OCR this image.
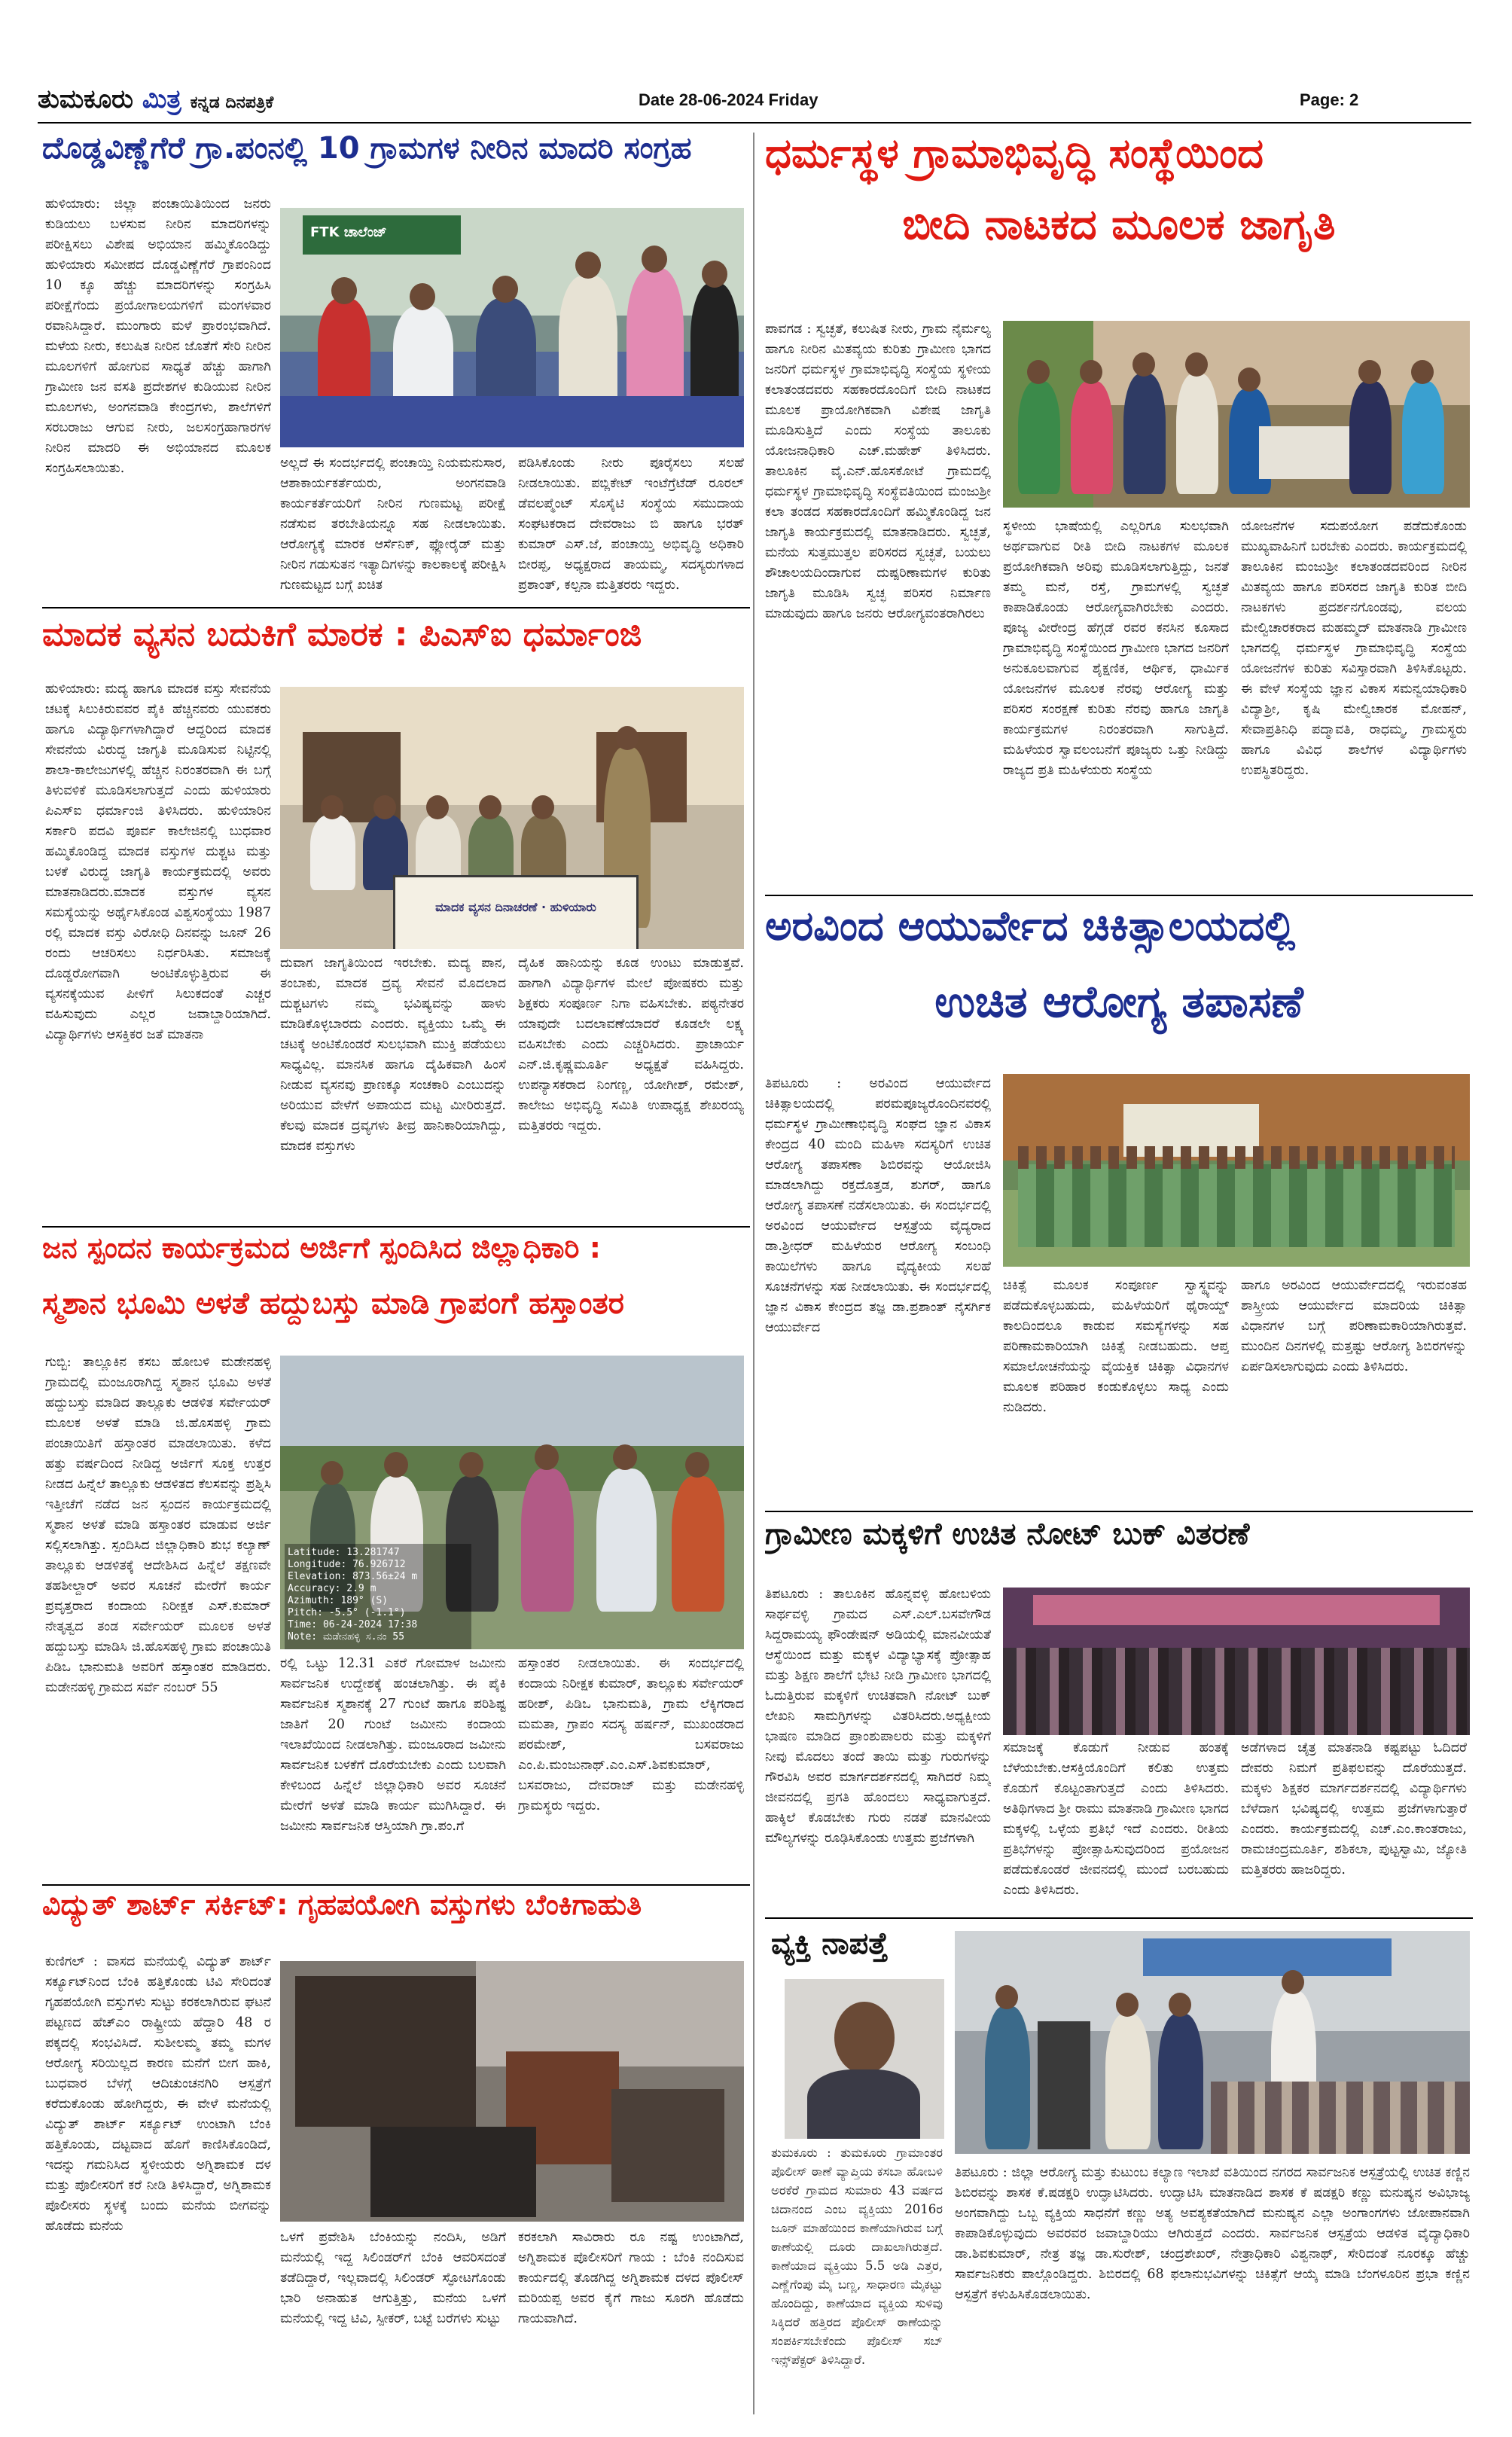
ತುಮಕೂರು ಮಿತ್ರ ಕನ್ನಡ ದಿನಪತ್ರಿಕೆ	Date 28-06-2024 Friday	Page: 2
ದೊಡ್ಡವಿಣ್ಣೆಗೆರೆ ಗ್ರಾ.ಪಂನಲ್ಲಿ 10 ಗ್ರಾಮಗಳ ನೀರಿನ ಮಾದರಿ ಸಂಗ್ರಹ
ಹುಳಿಯಾರು: ಜಿಲ್ಲಾ ಪಂಚಾಯಿತಿಯಿಂದ ಜನರು ಕುಡಿಯಲು ಬಳಸುವ ನೀರಿನ ಮಾದರಿಗಳನ್ನು ಪರೀಕ್ಷಿಸಲು ವಿಶೇಷ ಅಭಿಯಾನ ಹಮ್ಮಿಕೊಂಡಿದ್ದು ಹುಳಿಯಾರು ಸಮೀಪದ ದೊಡ್ಡವಿಣ್ಣೆಗೆರೆ ಗ್ರಾಪಂನಿಂದ 10 ಕ್ಕೂ ಹೆಚ್ಚು ಮಾದರಿಗಳನ್ನು ಸಂಗ್ರಹಿಸಿ ಪರೀಕ್ಷೆಗೆಂದು ಪ್ರಯೋಗಾಲಯಗಳಿಗೆ ಮಂಗಳವಾರ ರವಾನಿಸಿದ್ದಾರೆ. ಮುಂಗಾರು ಮಳೆ ಪ್ರಾರಂಭವಾಗಿದೆ. ಮಳೆಯ ನೀರು, ಕಲುಷಿತ ನೀರಿನ ಜೊತೆಗೆ ಸೇರಿ ನೀರಿನ ಮೂಲಗಳಿಗೆ ಹೋಗುವ ಸಾಧ್ಯತೆ ಹೆಚ್ಚು ಹಾಗಾಗಿ ಗ್ರಾಮೀಣ ಜನ ವಸತಿ ಪ್ರದೇಶಗಳ ಕುಡಿಯುವ ನೀರಿನ ಮೂಲಗಳು, ಅಂಗನವಾಡಿ ಕೇಂದ್ರಗಳು, ಶಾಲೆಗಳಿಗೆ ಸರಬರಾಜು ಆಗುವ ನೀರು, ಜಲಸಂಗ್ರಹಾಗಾರಗಳ ನೀರಿನ ಮಾದರಿ ಈ ಅಭಿಯಾನದ ಮೂಲಕ ಸಂಗ್ರಹಿಸಲಾಯಿತು.
FTK ಚಾಲೆಂಜ್
ಅಲ್ಲದೆ ಈ ಸಂದರ್ಭದಲ್ಲಿ ಪಂಚಾಯ್ತಿ ನಿಯಮನುಸಾರ, ಆಶಾಕಾರ್ಯಕರ್ತೆಯರು, ಅಂಗನವಾಡಿ ಕಾರ್ಯಕರ್ತೆಯರಿಗೆ ನೀರಿನ ಗುಣಮಟ್ಟ ಪರೀಕ್ಷೆ ನಡೆಸುವ ತರಬೇತಿಯನ್ನೂ ಸಹ ನೀಡಲಾಯಿತು. ಆರೋಗ್ಯಕ್ಕೆ ಮಾರಕ ಆರ್ಸೆನಿಕ್, ಫ್ಲೋರೈಡ್ ಮತ್ತು ನೀರಿನ ಗಡುಸುತನ ಇತ್ಯಾದಿಗಳನ್ನು ಕಾಲಕಾಲಕ್ಕೆ ಪರೀಕ್ಷಿಸಿ ಗುಣಮಟ್ಟದ ಬಗ್ಗೆ ಖಚಿತ
ಪಡಿಸಿಕೊಂಡು ನೀರು ಪೂರೈಸಲು ಸಲಹೆ ನೀಡಲಾಯಿತು. ಪಬ್ಲಿಕೇಟ್ ಇಂಟೆಗ್ರೆಟೆಡ್ ರೂರಲ್ ಡೆವಲಪ್ಮೆಂಟ್ ಸೊಸೈಟಿ ಸಂಸ್ಥೆಯ ಸಮುದಾಯ ಸಂಘಟಕರಾದ ದೇವರಾಜು ಬಿ ಹಾಗೂ ಭರತ್ ಕುಮಾರ್ ಎಸ್.ಜೆ, ಪಂಚಾಯ್ತಿ ಅಭಿವೃದ್ಧಿ ಅಧಿಕಾರಿ ಬೀರಪ್ಪ, ಅಧ್ಯಕ್ಷರಾದ ತಾಯಮ್ಮ, ಸದಸ್ಯರುಗಳಾದ ಪ್ರಶಾಂತ್, ಕಲ್ಪನಾ ಮತ್ತಿತರರು ಇದ್ದರು.
ಮಾದಕ ವ್ಯಸನ ಬದುಕಿಗೆ ಮಾರಕ : ಪಿಎಸ್‌ಐ ಧರ್ಮಾಂಜಿ
ಹುಳಿಯಾರು: ಮದ್ಯ ಹಾಗೂ ಮಾದಕ ವಸ್ತು ಸೇವನೆಯ ಚಟಕ್ಕೆ ಸಿಲುಕಿರುವವರ ಪೈಕಿ ಹೆಚ್ಚಿನವರು ಯುವಕರು ಹಾಗೂ ವಿದ್ಯಾರ್ಥಿಗಳಾಗಿದ್ದಾರೆ ಆದ್ದರಿಂದ ಮಾದಕ ಸೇವನೆಯ ವಿರುದ್ಧ ಜಾಗೃತಿ ಮೂಡಿಸುವ ನಿಟ್ಟಿನಲ್ಲಿ ಶಾಲಾ-ಕಾಲೇಜುಗಳಲ್ಲಿ ಹೆಚ್ಚಿನ ನಿರಂತರವಾಗಿ ಈ ಬಗ್ಗೆ ತಿಳುವಳಿಕೆ ಮೂಡಿಸಲಾಗುತ್ತದೆ ಎಂದು ಹುಳಿಯಾರು ಪಿಎಸ್‌ಐ ಧರ್ಮಾಂಜಿ ತಿಳಿಸಿದರು. ಹುಳಿಯಾರಿನ ಸರ್ಕಾರಿ ಪದವಿ ಪೂರ್ವ ಕಾಲೇಜಿನಲ್ಲಿ ಬುಧವಾರ ಹಮ್ಮಿಕೊಂಡಿದ್ದ ಮಾದಕ ವಸ್ತುಗಳ ದುಶ್ಚಟ ಮತ್ತು ಬಳಕೆ ವಿರುದ್ಧ ಜಾಗೃತಿ ಕಾರ್ಯಕ್ರಮದಲ್ಲಿ ಅವರು ಮಾತನಾಡಿದರು.ಮಾದಕ ವಸ್ತುಗಳ ವ್ಯಸನ ಸಮಸ್ಯೆಯನ್ನು ಅರ್ಥೈಸಿಕೊಂಡ ವಿಶ್ವಸಂಸ್ಥೆಯು 1987 ರಲ್ಲಿ ಮಾದಕ ವಸ್ತು ವಿರೋಧಿ ದಿನವನ್ನು ಜೂನ್ 26 ರಂದು ಆಚರಿಸಲು ನಿರ್ಧರಿಸಿತು. ಸಮಾಜಕ್ಕೆ ದೊಡ್ಡರೋಗವಾಗಿ ಅಂಟಿಕೊಳ್ಳುತ್ತಿರುವ ಈ ವ್ಯಸನಕ್ಕೆಯುವ ಪೀಳಿಗೆ ಸಿಲುಕದಂತೆ ಎಚ್ಚರ ವಹಿಸುವುದು ಎಲ್ಲರ ಜವಾಬ್ದಾರಿಯಾಗಿದೆ. ವಿದ್ಯಾರ್ಥಿಗಳು ಆಸಕ್ತಿಕರ ಜತೆ ಮಾತನಾ
ಮಾದಕ ವ್ಯಸನ ದಿನಾಚರಣೆ · ಹುಳಿಯಾರು
ದುವಾಗ ಜಾಗೃತಿಯಿಂದ ಇರಬೇಕು. ಮದ್ಯ ಪಾನ, ತಂಬಾಕು, ಮಾದಕ ದ್ರವ್ಯ ಸೇವನೆ ಮೊದಲಾದ ದುಶ್ಚಟಗಳು ನಮ್ಮ ಭವಿಷ್ಯವನ್ನು ಹಾಳು ಮಾಡಿಕೊಳ್ಳಬಾರದು ಎಂದರು. ವ್ಯಕ್ತಿಯು ಒಮ್ಮೆ ಈ ಚಟಕ್ಕೆ ಅಂಟಿಕೊಂಡರೆ ಸುಲಭವಾಗಿ ಮುಕ್ತಿ ಪಡೆಯಲು ಸಾಧ್ಯವಿಲ್ಲ. ಮಾನಸಿಕ ಹಾಗೂ ದೈಹಿಕವಾಗಿ ಹಿಂಸೆ ನೀಡುವ ವ್ಯಸನವು ಪ್ರಾಣಕ್ಕೂ ಸಂಚಕಾರಿ ಎಂಬುದನ್ನು ಅರಿಯುವ ವೇಳೆಗೆ ಅಪಾಯದ ಮಟ್ಟ ಮೀರಿರುತ್ತದೆ. ಕೆಲವು ಮಾದಕ ದ್ರವ್ಯಗಳು ತೀವ್ರ ಹಾನಿಕಾರಿಯಾಗಿದ್ದು, ಮಾದಕ ವಸ್ತುಗಳು
ದೈಹಿಕ ಹಾನಿಯನ್ನು ಕೂಡ ಉಂಟು ಮಾಡುತ್ತವೆ. ಹಾಗಾಗಿ ವಿದ್ಯಾರ್ಥಿಗಳ ಮೇಲೆ ಪೋಷಕರು ಮತ್ತು ಶಿಕ್ಷಕರು ಸಂಪೂರ್ಣ ನಿಗಾ ವಹಿಸಬೇಕು. ಪಠ್ಯನೇತರ ಯಾವುದೇ ಬದಲಾವಣೆಯಾದರೆ ಕೂಡಲೇ ಲಕ್ಷ್ಯ ವಹಿಸಬೇಕು ಎಂದು ಎಚ್ಚರಿಸಿದರು. ಪ್ರಾಚಾರ್ಯ ಎನ್.ಜಿ.ಕೃಷ್ಣಮೂರ್ತಿ ಅಧ್ಯಕ್ಷತೆ ವಹಿಸಿದ್ದರು. ಉಪನ್ಯಾಸಕರಾದ ನಿಂಗಣ್ಣ, ಯೋಗೀಶ್, ರಮೇಶ್, ಕಾಲೇಜು ಅಭಿವೃದ್ಧಿ ಸಮಿತಿ ಉಪಾಧ್ಯಕ್ಷ ಶೇಖರಯ್ಯ ಮತ್ತಿತರರು ಇದ್ದರು.
ಜನ ಸ್ಪಂದನ ಕಾರ್ಯಕ್ರಮದ ಅರ್ಜಿಗೆ ಸ್ಪಂದಿಸಿದ ಜಿಲ್ಲಾಧಿಕಾರಿ :
ಸ್ಮಶಾನ ಭೂಮಿ ಅಳತೆ ಹದ್ದುಬಸ್ತು ಮಾಡಿ ಗ್ರಾಪಂಗೆ ಹಸ್ತಾಂತರ
ಗುಬ್ಬಿ: ತಾಲ್ಲೂಕಿನ ಕಸಬ ಹೋಬಳಿ ಮಡೇನಹಳ್ಳಿ ಗ್ರಾಮದಲ್ಲಿ ಮಂಜೂರಾಗಿದ್ದ ಸ್ಮಶಾನ ಭೂಮಿ ಅಳತೆ ಹದ್ದುಬಸ್ತು ಮಾಡಿದ ತಾಲ್ಲೂಕು ಆಡಳಿತ ಸರ್ವೇಯರ್ ಮೂಲಕ ಅಳತೆ ಮಾಡಿ ಜಿ.ಹೊಸಹಳ್ಳಿ ಗ್ರಾಮ ಪಂಚಾಯಿತಿಗೆ ಹಸ್ತಾಂತರ ಮಾಡಲಾಯಿತು. ಕಳೆದ ಹತ್ತು ವರ್ಷದಿಂದ ನೀಡಿದ್ದ ಅರ್ಜಿಗೆ ಸೂಕ್ತ ಉತ್ತರ ನೀಡದ ಹಿನ್ನೆಲೆ ತಾಲ್ಲೂಕು ಆಡಳಿತದ ಕೆಲಸವನ್ನು ಪ್ರಶ್ನಿಸಿ ಇತ್ತೀಚೆಗೆ ನಡೆದ ಜನ ಸ್ಪಂದನ ಕಾರ್ಯಕ್ರಮದಲ್ಲಿ ಸ್ಮಶಾನ ಅಳತೆ ಮಾಡಿ ಹಸ್ತಾಂತರ ಮಾಡುವ ಅರ್ಜಿ ಸಲ್ಲಿಸಲಾಗಿತ್ತು. ಸ್ಪಂದಿಸಿದ ಜಿಲ್ಲಾಧಿಕಾರಿ ಶುಭ ಕಲ್ಯಾಣ್ ತಾಲ್ಲೂಕು ಆಡಳಿತಕ್ಕೆ ಆದೇಶಿಸಿದ ಹಿನ್ನೆಲೆ ತಕ್ಷಣವೇ ತಹಶೀಲ್ದಾರ್ ಅವರ ಸೂಚನೆ ಮೇರೆಗೆ ಕಾರ್ಯ ಪ್ರವೃತ್ತರಾದ ಕಂದಾಯ ನಿರೀಕ್ಷಕ ಎಸ್.ಕುಮಾರ್ ನೇತೃತ್ವದ ತಂಡ ಸರ್ವೇಯರ್ ಮೂಲಕ ಅಳತೆ ಹದ್ದುಬಸ್ತು ಮಾಡಿಸಿ ಜಿ.ಹೊಸಹಳ್ಳಿ ಗ್ರಾಮ ಪಂಚಾಯಿತಿ ಪಿಡಿಒ ಭಾನುಮತಿ ಅವರಿಗೆ ಹಸ್ತಾಂತರ ಮಾಡಿದರು. ಮಡೇನಹಳ್ಳಿ ಗ್ರಾಮದ ಸರ್ವೆ ನಂಬರ್ 55
Latitude: 13.281747
Longitude: 76.926712
Elevation: 873.56±24 m
Accuracy: 2.9 m
Azimuth: 189° (S)
Pitch: -5.5° (-1.1°)
Time: 06-24-2024 17:38
Note: ಮಡೇನಹಳ್ಳಿ ಸ.ನಂ 55
ರಲ್ಲಿ ಒಟ್ಟು 12.31 ಎಕರೆ ಗೋಮಾಳ ಜಮೀನು ಸಾರ್ವಜನಿಕ ಉದ್ದೇಶಕ್ಕೆ ಹಂಚಲಾಗಿತ್ತು. ಈ ಪೈಕಿ ಸಾರ್ವಜನಿಕ ಸ್ಮಶಾನಕ್ಕೆ 27 ಗುಂಟೆ ಹಾಗೂ ಪರಿಶಿಷ್ಟ ಜಾತಿಗೆ 20 ಗುಂಟೆ ಜಮೀನು ಕಂದಾಯ ಇಲಾಖೆಯಿಂದ ನೀಡಲಾಗಿತ್ತು. ಮಂಜೂರಾದ ಜಮೀನು ಸಾರ್ವಜನಿಕ ಬಳಕೆಗೆ ದೊರೆಯಬೇಕು ಎಂದು ಬಲವಾಗಿ ಕೇಳಿಬಂದ ಹಿನ್ನೆಲೆ ಜಿಲ್ಲಾಧಿಕಾರಿ ಅವರ ಸೂಚನೆ ಮೇರೆಗೆ ಅಳತೆ ಮಾಡಿ ಕಾರ್ಯ ಮುಗಿಸಿದ್ದಾರೆ. ಈ ಜಮೀನು ಸಾರ್ವಜನಿಕ ಆಸ್ತಿಯಾಗಿ ಗ್ರಾ.ಪಂ.ಗೆ
ಹಸ್ತಾಂತರ ನೀಡಲಾಯಿತು. ಈ ಸಂದರ್ಭದಲ್ಲಿ ಕಂದಾಯ ನಿರೀಕ್ಷಕ ಕುಮಾರ್, ತಾಲ್ಲೂಕು ಸರ್ವೇಯರ್ ಹರೀಶ್, ಪಿಡಿಒ ಭಾನುಮತಿ, ಗ್ರಾಮ ಲೆಕ್ಕಿಗರಾದ ಮಮತಾ, ಗ್ರಾಪಂ ಸದಸ್ಯ ಹರ್ಷನ್, ಮುಖಂಡರಾದ ಪರಮೇಶ್, ಬಸವರಾಜು ಎಂ.ಪಿ.ಮಂಜುನಾಥ್.ಎಂ.ಎಸ್.ಶಿವಕುಮಾರ್, ಬಸವರಾಜು, ದೇವರಾಜ್ ಮತ್ತು ಮಡೇನಹಳ್ಳಿ ಗ್ರಾಮಸ್ಥರು ಇದ್ದರು.
ವಿದ್ಯುತ್ ಶಾರ್ಟ್ ಸರ್ಕಿಟ್: ಗೃಹಪಯೋಗಿ ವಸ್ತುಗಳು ಬೆಂಕಿಗಾಹುತಿ
ಕುಣಿಗಲ್ : ವಾಸದ ಮನೆಯಲ್ಲಿ ವಿದ್ಯುತ್ ಶಾರ್ಟ್ ಸರ್ಕ್ಯೂಟ್‌ನಿಂದ ಬೆಂಕಿ ಹತ್ತಿಕೊಂಡು ಟಿವಿ ಸೇರಿದಂತೆ ಗೃಹಪಯೋಗಿ ವಸ್ತುಗಳು ಸುಟ್ಟು ಕರಕಲಾಗಿರುವ ಘಟನೆ ಪಟ್ಟಣದ ಹೆಚ್‌ಎಂ ರಾಷ್ಟ್ರೀಯ ಹೆದ್ದಾರಿ 48 ರ ಪಕ್ಕದಲ್ಲಿ ಸಂಭವಿಸಿದೆ. ಸುಶೀಲಮ್ಮ ತಮ್ಮ ಮಗಳ ಆರೋಗ್ಯ ಸರಿಯಿಲ್ಲದ ಕಾರಣ ಮನೆಗೆ ಬೀಗ ಹಾಕಿ, ಬುಧವಾರ ಬೆಳಗ್ಗೆ ಆದಿಚುಂಚನಗಿರಿ ಆಸ್ಪತ್ರೆಗೆ ಕರೆದುಕೊಂಡು ಹೋಗಿದ್ದರು, ಈ ವೇಳೆ ಮನೆಯಲ್ಲಿ ವಿದ್ಯುತ್ ಶಾರ್ಟ್ ಸರ್ಕ್ಯೂಟ್ ಉಂಟಾಗಿ ಬೆಂಕಿ ಹತ್ತಿಕೊಂಡು, ದಟ್ಟವಾದ ಹೊಗೆ ಕಾಣಿಸಿಕೊಂಡಿದೆ, ಇದನ್ನು ಗಮನಿಸಿದ ಸ್ಥಳೀಯರು ಅಗ್ನಿಶಾಮಕ ದಳ ಮತ್ತು ಪೊಲೀಸರಿಗೆ ಕರೆ ನೀಡಿ ತಿಳಿಸಿದ್ದಾರೆ, ಅಗ್ನಿಶಾಮಕ ಪೊಲೀಸರು ಸ್ಥಳಕ್ಕೆ ಬಂದು ಮನೆಯ ಬೀಗವನ್ನು ಹೊಡೆದು ಮನೆಯ
ಒಳಗೆ ಪ್ರವೇಶಿಸಿ ಬೆಂಕಿಯನ್ನು ನಂದಿಸಿ, ಅಡಿಗೆ ಮನೆಯಲ್ಲಿ ಇದ್ದ ಸಿಲಿಂಡರ್‌ಗೆ ಬೆಂಕಿ ಆವರಿಸದಂತೆ ತಡೆದಿದ್ದಾರೆ, ಇಲ್ಲವಾದಲ್ಲಿ ಸಿಲಿಂಡರ್ ಸ್ಫೋಟಗೊಂಡು ಭಾರಿ ಅನಾಹುತ ಆಗುತ್ತಿತ್ತು, ಮನೆಯ ಒಳಗೆ ಮನೆಯಲ್ಲಿ ಇದ್ದ ಟಿವಿ, ಸ್ಪೀಕರ್, ಬಟ್ಟೆ ಬರೆಗಳು ಸುಟ್ಟು
ಕರಕಲಾಗಿ ಸಾವಿರಾರು ರೂ ನಷ್ಟ ಉಂಟಾಗಿದೆ, ಅಗ್ನಿಶಾಮಕ ಪೊಲೀಸರಿಗೆ ಗಾಯ : ಬೆಂಕಿ ನಂದಿಸುವ ಕಾರ್ಯದಲ್ಲಿ ತೊಡಗಿದ್ದ ಅಗ್ನಿಶಾಮಕ ದಳದ ಪೊಲೀಸ್ ಮರಿಯಪ್ಪ ಅವರ ಕೈಗೆ ಗಾಜು ಸೂರಗಿ ಹೊಡೆದು ಗಾಯವಾಗಿದೆ.
ಧರ್ಮಸ್ಥಳ ಗ್ರಾಮಾಭಿವೃದ್ಧಿ ಸಂಸ್ಥೆಯಿಂದ
ಬೀದಿ ನಾಟಕದ ಮೂಲಕ ಜಾಗೃತಿ
ಪಾವಗಡ : ಸ್ವಚ್ಛತೆ, ಕಲುಷಿತ ನೀರು, ಗ್ರಾಮ ನೈರ್ಮಲ್ಯ ಹಾಗೂ ನೀರಿನ ಮಿತವ್ಯಯ ಕುರಿತು ಗ್ರಾಮೀಣ ಭಾಗದ ಜನರಿಗೆ ಧರ್ಮಸ್ಥಳ ಗ್ರಾಮಾಭಿವೃದ್ಧಿ ಸಂಸ್ಥೆಯ ಸ್ಥಳೀಯ ಕಲಾತಂಡದವರು ಸಹಕಾರದೊಂದಿಗೆ ಬೀದಿ ನಾಟಕದ ಮೂಲಕ ಪ್ರಾಯೋಗಿಕವಾಗಿ ವಿಶೇಷ ಜಾಗೃತಿ ಮೂಡಿಸುತ್ತಿದೆ ಎಂದು ಸಂಸ್ಥೆಯ ತಾಲೂಕು ಯೋಜನಾಧಿಕಾರಿ ಎಚ್.ಮಹೇಶ್ ತಿಳಿಸಿದರು. ತಾಲೂಕಿನ ವೈ.ಎನ್.ಹೊಸಕೋಟೆ ಗ್ರಾಮದಲ್ಲಿ ಧರ್ಮಸ್ಥಳ ಗ್ರಾಮಾಭಿವೃದ್ಧಿ ಸಂಸ್ಥೆವತಿಯಿಂದ ಮಂಜುಶ್ರೀ ಕಲಾ ತಂಡದ ಸಹಕಾರದೊಂದಿಗೆ ಹಮ್ಮಿಕೊಂಡಿದ್ದ ಜನ ಜಾಗೃತಿ ಕಾರ್ಯಕ್ರಮದಲ್ಲಿ ಮಾತನಾಡಿದರು. ಸ್ವಚ್ಛತೆ, ಮನೆಯ ಸುತ್ತಮುತ್ತಲ ಪರಿಸರದ ಸ್ವಚ್ಛತೆ, ಬಯಲು ಶೌಚಾಲಯದಿಂದಾಗುವ ದುಷ್ಪರಿಣಾಮಗಳ ಕುರಿತು ಜಾಗೃತಿ ಮೂಡಿಸಿ ಸ್ವಚ್ಛ ಪರಿಸರ ನಿರ್ಮಾಣ ಮಾಡುವುದು ಹಾಗೂ ಜನರು ಆರೋಗ್ಯವಂತರಾಗಿರಲು
ಸ್ಥಳೀಯ ಭಾಷೆಯಲ್ಲಿ ಎಲ್ಲರಿಗೂ ಸುಲಭವಾಗಿ ಅರ್ಥವಾಗುವ ರೀತಿ ಬೀದಿ ನಾಟಕಗಳ ಮೂಲಕ ಪ್ರಯೋಗಿಕವಾಗಿ ಅರಿವು ಮೂಡಿಸಲಾಗುತ್ತಿದ್ದು, ಜನತೆ ತಮ್ಮ ಮನೆ, ರಸ್ತೆ, ಗ್ರಾಮಗಳಲ್ಲಿ ಸ್ವಚ್ಛತೆ ಕಾಪಾಡಿಕೊಂಡು ಆರೋಗ್ಯವಾಗಿರಬೇಕು ಎಂದರು. ಪೂಜ್ಯ ವೀರೇಂದ್ರ ಹೆಗ್ಗಡೆ ರವರ ಕನಸಿನ ಕೂಸಾದ ಗ್ರಾಮಾಭಿವೃದ್ಧಿ ಸಂಸ್ಥೆಯಿಂದ ಗ್ರಾಮೀಣ ಭಾಗದ ಜನರಿಗೆ ಅನುಕೂಲವಾಗುವ ಶೈಕ್ಷಣಿಕ, ಆರ್ಥಿಕ, ಧಾರ್ಮಿಕ ಯೋಜನೆಗಳ ಮೂಲಕ ನೆರವು ಆರೋಗ್ಯ ಮತ್ತು ಪರಿಸರ ಸಂರಕ್ಷಣೆ ಕುರಿತು ನೆರವು ಹಾಗೂ ಜಾಗೃತಿ ಕಾರ್ಯಕ್ರಮಗಳ ನಿರಂತರವಾಗಿ ಸಾಗುತ್ತಿದೆ. ಮಹಿಳೆಯರ ಸ್ವಾವಲಂಬನೆಗೆ ಪೂಜ್ಯರು ಒತ್ತು ನೀಡಿದ್ದು ರಾಜ್ಯದ ಪ್ರತಿ ಮಹಿಳೆಯರು ಸಂಸ್ಥೆಯ
ಯೋಜನೆಗಳ ಸದುಪಯೋಗ ಪಡೆದುಕೊಂಡು ಮುಖ್ಯವಾಹಿನಿಗೆ ಬರಬೇಕು ಎಂದರು. ಕಾರ್ಯಕ್ರಮದಲ್ಲಿ ತಾಲೂಕಿನ ಮಂಜುಶ್ರೀ ಕಲಾತಂಡದವರಿಂದ ನೀರಿನ ಮಿತವ್ಯಯ ಹಾಗೂ ಪರಿಸರದ ಜಾಗೃತಿ ಕುರಿತ ಬೀದಿ ನಾಟಕಗಳು ಪ್ರದರ್ಶನಗೊಂಡವು, ವಲಯ ಮೇಲ್ವಿಚಾರಕರಾದ ಮಹಮ್ಮದ್ ಮಾತನಾಡಿ ಗ್ರಾಮೀಣ ಭಾಗದಲ್ಲಿ ಧರ್ಮಸ್ಥಳ ಗ್ರಾಮಾಭಿವೃದ್ಧಿ ಸಂಸ್ಥೆಯ ಯೋಜನೆಗಳ ಕುರಿತು ಸವಿಸ್ತಾರವಾಗಿ ತಿಳಿಸಿಕೊಟ್ಟರು. ಈ ವೇಳೆ ಸಂಸ್ಥೆಯ ಜ್ಞಾನ ವಿಕಾಸ ಸಮನ್ವಯಾಧಿಕಾರಿ ವಿದ್ಯಾಶ್ರೀ, ಕೃಷಿ ಮೇಲ್ವಿಚಾರಕ ಮೋಹನ್, ಸೇವಾಪ್ರತಿನಿಧಿ ಪದ್ಮಾವತಿ, ರಾಧಮ್ಮ, ಗ್ರಾಮಸ್ಥರು ಹಾಗೂ ವಿವಿಧ ಶಾಲೆಗಳ ವಿದ್ಯಾರ್ಥಿಗಳು ಉಪಸ್ಥಿತರಿದ್ದರು.
ಅರವಿಂದ ಆಯುರ್ವೇದ ಚಿಕಿತ್ಸಾಲಯದಲ್ಲಿ
ಉಚಿತ ಆರೋಗ್ಯ ತಪಾಸಣೆ
ತಿಪಟೂರು : ಅರವಿಂದ ಆಯುರ್ವೇದ ಚಿಕಿತ್ಸಾಲಯದಲ್ಲಿ ಪರಮಪೂಜ್ಯರೊಂದಿನವರಲ್ಲಿ ಧರ್ಮಸ್ಥಳ ಗ್ರಾಮೀಣಾಭಿವೃದ್ಧಿ ಸಂಘದ ಜ್ಞಾನ ವಿಕಾಸ ಕೇಂದ್ರದ 40 ಮಂದಿ ಮಹಿಳಾ ಸದಸ್ಯರಿಗೆ ಉಚಿತ ಆರೋಗ್ಯ ತಪಾಸಣಾ ಶಿಬಿರವನ್ನು ಆಯೋಜಿಸಿ ಮಾಡಲಾಗಿದ್ದು ರಕ್ತದೊತ್ತಡ, ಶುಗರ್, ಹಾಗೂ ಆರೋಗ್ಯ ತಪಾಸಣೆ ನಡೆಸಲಾಯಿತು. ಈ ಸಂದರ್ಭದಲ್ಲಿ ಅರವಿಂದ ಆಯುರ್ವೇದ ಆಸ್ಪತ್ರೆಯ ವೈದ್ಯರಾದ ಡಾ.ಶ್ರೀಧರ್ ಮಹಿಳೆಯರ ಆರೋಗ್ಯ ಸಂಬಂಧಿ ಕಾಯಿಲೆಗಳು ಹಾಗೂ ವೈದ್ಯಕೀಯ ಸಲಹೆ ಸೂಚನೆಗಳನ್ನು ಸಹ ನೀಡಲಾಯಿತು. ಈ ಸಂದರ್ಭದಲ್ಲಿ ಜ್ಞಾನ ವಿಕಾಸ ಕೇಂದ್ರದ ತಜ್ಞ ಡಾ.ಪ್ರಶಾಂತ್ ನೈಸರ್ಗಿಕ ಆಯುರ್ವೇದ
ಚಿಕಿತ್ಸೆ ಮೂಲಕ ಸಂಪೂರ್ಣ ಸ್ವಾಸ್ಥ್ಯವನ್ನು ಪಡೆದುಕೊಳ್ಳಬಹುದು, ಮಹಿಳೆಯರಿಗೆ ಥೈರಾಯ್ಡ್ ಕಾಲದಿಂದಲೂ ಕಾಡುವ ಸಮಸ್ಯೆಗಳನ್ನು ಸಹ ಪರಿಣಾಮಕಾರಿಯಾಗಿ ಚಿಕಿತ್ಸೆ ನೀಡಬಹುದು. ಆಪ್ತ ಸಮಾಲೋಚನೆಯನ್ನು ವೈಯಕ್ತಿಕ ಚಿಕಿತ್ಸಾ ವಿಧಾನಗಳ ಮೂಲಕ ಪರಿಹಾರ ಕಂಡುಕೊಳ್ಳಲು ಸಾಧ್ಯ ಎಂದು ನುಡಿದರು.
ಹಾಗೂ ಅರವಿಂದ ಆಯುರ್ವೇದದಲ್ಲಿ ಇರುವಂತಹ ಶಾಸ್ತ್ರೀಯ ಆಯುರ್ವೇದ ಮಾದರಿಯ ಚಿಕಿತ್ಸಾ ವಿಧಾನಗಳ ಬಗ್ಗೆ ಪರಿಣಾಮಕಾರಿಯಾಗಿರುತ್ತವೆ. ಮುಂದಿನ ದಿನಗಳಲ್ಲಿ ಮತ್ತಷ್ಟು ಆರೋಗ್ಯ ಶಿಬಿರಗಳನ್ನು ಏರ್ಪಡಿಸಲಾಗುವುದು ಎಂದು ತಿಳಿಸಿದರು.
ಗ್ರಾಮೀಣ ಮಕ್ಕಳಿಗೆ ಉಚಿತ ನೋಟ್ ಬುಕ್ ವಿತರಣೆ
ತಿಪಟೂರು : ತಾಲೂಕಿನ ಹೊನ್ನವಳ್ಳಿ ಹೋಬಳಿಯ ಸಾರ್ಥವಳ್ಳಿ ಗ್ರಾಮದ ಎಸ್.ಎಲ್.ಬಸವೇಗೌಡ ಸಿದ್ದರಾಮಯ್ಯ ಫೌಂಡೇಷನ್ ಅಡಿಯಲ್ಲಿ ಮಾನವೀಯತೆ ಆಸ್ಥೆಯಿಂದ ಮತ್ತು ಮಕ್ಕಳ ವಿದ್ಯಾಭ್ಯಾಸಕ್ಕೆ ಪ್ರೋತ್ಸಾಹ ಮತ್ತು ಶಿಕ್ಷಣ ಶಾಲೆಗೆ ಭೇಟಿ ನೀಡಿ ಗ್ರಾಮೀಣ ಭಾಗದಲ್ಲಿ ಓದುತ್ತಿರುವ ಮಕ್ಕಳಿಗೆ ಉಚಿತವಾಗಿ ನೋಟ್ ಬುಕ್ ಲೇಖನಿ ಸಾಮಗ್ರಿಗಳನ್ನು ವಿತರಿಸಿದರು.ಅಧ್ಯಕ್ಷೀಯ ಭಾಷಣ ಮಾಡಿದ ಪ್ರಾಂಶುಪಾಲರು ಮತ್ತು ಮಕ್ಕಳಿಗೆ ನೀವು ಮೊದಲು ತಂದೆ ತಾಯಿ ಮತ್ತು ಗುರುಗಳನ್ನು ಗೌರವಿಸಿ ಅವರ ಮಾರ್ಗದರ್ಶನದಲ್ಲಿ ಸಾಗಿದರೆ ನಿಮ್ಮ ಜೀವನದಲ್ಲಿ ಪ್ರಗತಿ ಹೊಂದಲು ಸಾಧ್ಯವಾಗುತ್ತದೆ. ಹಾಕ್ಕಿಲೆ ಕೊಡಬೇಕು ಗುರು ನಡತೆ ಮಾನವೀಯ ಮೌಲ್ಯಗಳನ್ನು ರೂಢಿಸಿಕೊಂಡು ಉತ್ತಮ ಪ್ರಜೆಗಳಾಗಿ
ಸಮಾಜಕ್ಕೆ ಕೊಡುಗೆ ನೀಡುವ ಹಂತಕ್ಕೆ ಬೆಳೆಯಬೇಕು.ಆಸಕ್ತಿಯೊಂದಿಗೆ ಕಲಿತು ಉತ್ತಮ ಕೊಡುಗೆ ಕೊಟ್ಟಂತಾಗುತ್ತದೆ ಎಂದು ತಿಳಿಸಿದರು. ಅತಿಥಿಗಳಾದ ಶ್ರೀ ರಾಮು ಮಾತನಾಡಿ ಗ್ರಾಮೀಣ ಭಾಗದ ಮಕ್ಕಳಲ್ಲಿ ಒಳ್ಳೆಯ ಪ್ರತಿಭೆ ಇದೆ ಎಂದರು. ರೀತಿಯ ಪ್ರತಿಭೆಗಳನ್ನು ಪ್ರೋತ್ಸಾಹಿಸುವುದರಿಂದ ಪ್ರಯೋಜನ ಪಡೆದುಕೊಂಡರೆ ಜೀವನದಲ್ಲಿ ಮುಂದೆ ಬರಬಹುದು ಎಂದು ತಿಳಿಸಿದರು.
ಅಡೆಗಳಾದ ಚೈತ್ರ ಮಾತನಾಡಿ ಕಷ್ಟಪಟ್ಟು ಓದಿದರೆ ದೇವರು ನಿಮಗೆ ಪ್ರತಿಫಲವನ್ನು ದೊರೆಯುತ್ತದೆ. ಮಕ್ಕಳು ಶಿಕ್ಷಕರ ಮಾರ್ಗದರ್ಶನದಲ್ಲಿ ವಿದ್ಯಾರ್ಥಿಗಳು ಬೆಳೆದಾಗ ಭವಿಷ್ಯದಲ್ಲಿ ಉತ್ತಮ ಪ್ರಜೆಗಳಾಗುತ್ತಾರೆ ಎಂದರು. ಕಾರ್ಯಕ್ರಮದಲ್ಲಿ ಎಚ್.ಎಂ.ಕಾಂತರಾಜು, ರಾಮಚಂದ್ರಮೂರ್ತಿ, ಶಶಿಕಲಾ, ಪುಟ್ಟಸ್ವಾಮಿ, ಜ್ಯೋತಿ ಮತ್ತಿತರರು ಹಾಜರಿದ್ದರು.
ವ್ಯಕ್ತಿ ನಾಪತ್ತೆ
ತುಮಕೂರು : ತುಮಕೂರು ಗ್ರಾಮಾಂತರ ಪೊಲೀಸ್ ಠಾಣೆ ವ್ಯಾಪ್ತಿಯ ಕಸಬಾ ಹೋಬಳಿ ಅರಕೆರೆ ಗ್ರಾಮದ ಸುಮಾರು 43 ವರ್ಷದ ಚಿದಾನಂದ ಎಂಬ ವ್ಯಕ್ತಿಯು 2016ರ ಜೂನ್ ಮಾಹೆಯಿಂದ ಕಾಣೆಯಾಗಿರುವ ಬಗ್ಗೆ ಠಾಣೆಯಲ್ಲಿ ದೂರು ದಾಖಲಾಗಿರುತ್ತದೆ. ಕಾಣೆಯಾದ ವ್ಯಕ್ತಿಯು 5.5 ಅಡಿ ಎತ್ತರ, ಎಣ್ಣೆಗೆಂಪು ಮೈ ಬಣ್ಣ, ಸಾಧಾರಣ ಮೈಕಟ್ಟು ಹೊಂದಿದ್ದು, ಕಾಣೆಯಾದ ವ್ಯಕ್ತಿಯ ಸುಳಿವು ಸಿಕ್ಕಿದರೆ ಹತ್ತಿರದ ಪೊಲೀಸ್ ಠಾಣೆಯನ್ನು ಸಂಪರ್ಕಿಸಬೇಕೆಂದು ಪೊಲೀಸ್ ಸಬ್ ಇನ್ಸ್‌ಪೆಕ್ಟರ್ ತಿಳಿಸಿದ್ದಾರೆ.
ತಿಪಟೂರು : ಜಿಲ್ಲಾ ಆರೋಗ್ಯ ಮತ್ತು ಕುಟುಂಬ ಕಲ್ಯಾಣ ಇಲಾಖೆ ವತಿಯಿಂದ ನಗರದ ಸಾರ್ವಜನಿಕ ಆಸ್ಪತ್ರೆಯಲ್ಲಿ ಉಚಿತ ಕಣ್ಣಿನ ಶಿಬಿರವನ್ನು ಶಾಸಕ ಕೆ.ಷಡಕ್ಷರಿ ಉದ್ಘಾಟಿಸಿದರು. ಉದ್ಘಾಟಿಸಿ ಮಾತನಾಡಿದ ಶಾಸಕ ಕೆ ಷಡಕ್ಷರಿ ಕಣ್ಣು ಮನುಷ್ಯನ ಅವಿಭಾಜ್ಯ ಅಂಗವಾಗಿದ್ದು ಒಬ್ಬ ವ್ಯಕ್ತಿಯ ಸಾಧನೆಗೆ ಕಣ್ಣು ಅತ್ಯ ಅವಶ್ಯಕತೆಯಾಗಿದೆ ಮನುಷ್ಯನ ಎಲ್ಲಾ ಅಂಗಾಂಗಗಳು ಜೋಪಾನವಾಗಿ ಕಾಪಾಡಿಕೊಳ್ಳುವುದು ಅವರವರ ಜವಾಬ್ದಾರಿಯು ಆಗಿರುತ್ತದೆ ಎಂದರು. ಸಾರ್ವಜನಿಕ ಆಸ್ಪತ್ರೆಯ ಆಡಳಿತ ವೈದ್ಯಾಧಿಕಾರಿ ಡಾ.ಶಿವಕುಮಾರ್, ನೇತ್ರ ತಜ್ಞ ಡಾ.ಸುರೇಶ್, ಚಂದ್ರಶೇಖರ್, ನೇತ್ರಾಧಿಕಾರಿ ವಿಶ್ವನಾಥ್, ಸೇರಿದಂತೆ ನೂರಕ್ಕೂ ಹೆಚ್ಚು ಸಾರ್ವಜನಿಕರು ಪಾಲ್ಗೊಂಡಿದ್ದರು. ಶಿಬಿರದಲ್ಲಿ 68 ಫಲಾನುಭವಿಗಳನ್ನು ಚಿಕಿತ್ಸೆಗೆ ಆಯ್ಕೆ ಮಾಡಿ ಬೆಂಗಳೂರಿನ ಪ್ರಭಾ ಕಣ್ಣಿನ ಆಸ್ಪತ್ರೆಗೆ ಕಳುಹಿಸಿಕೊಡಲಾಯಿತು.
